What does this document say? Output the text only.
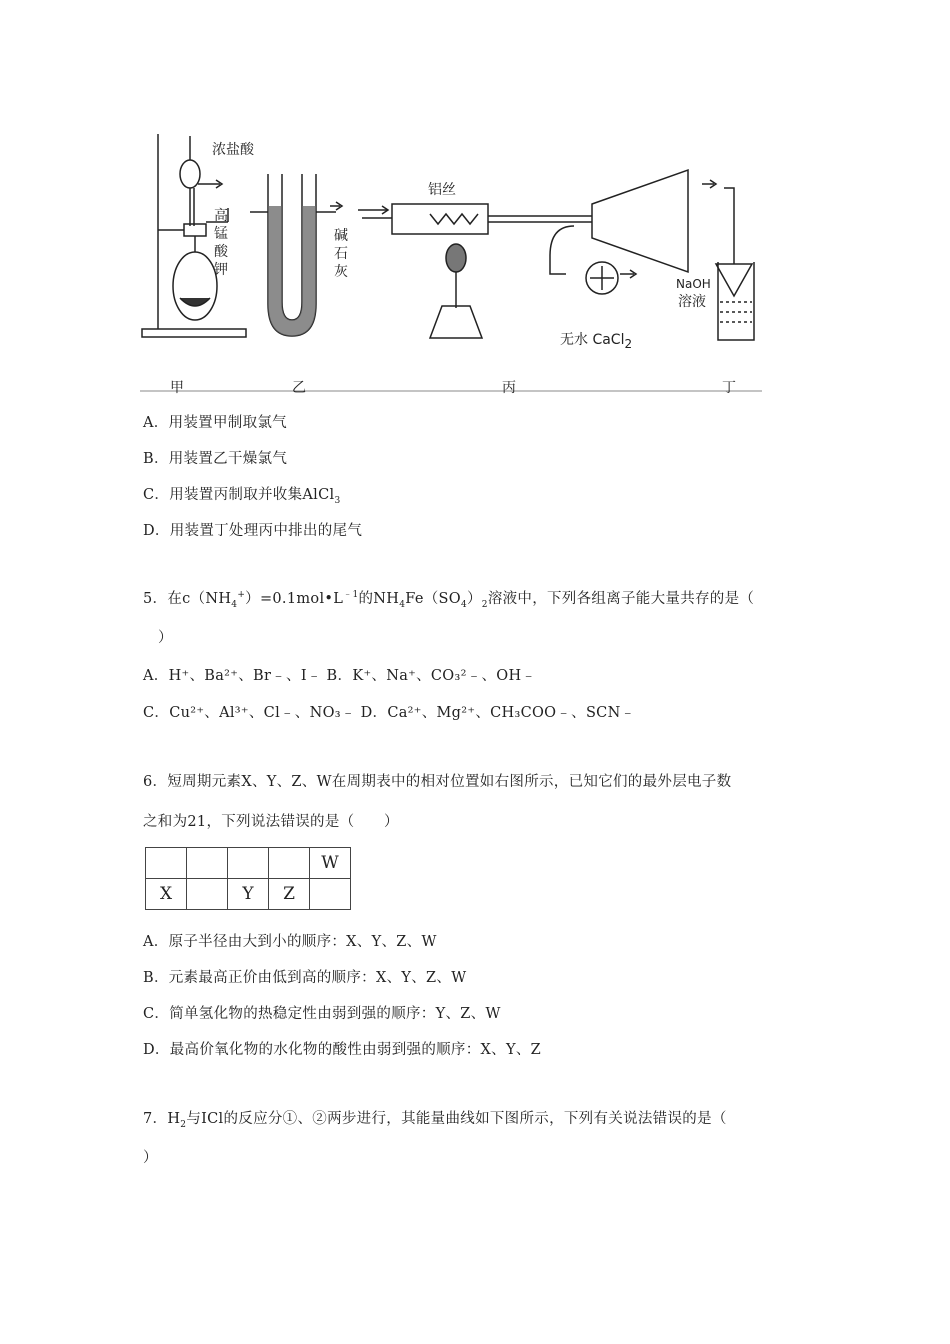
浓盐酸
高
锰
酸
钾
碱
石
灰
铝丝
无水 CaCl2
NaOH
溶液
甲	乙	丙	丁
A．用装置甲制取氯气
B．用装置乙干燥氯气
C．用装置丙制取并收集AlCl$_3$
D．用装置丁处理丙中排出的尾气
5．在$c(NH_4^+)=0.1mol•L^{﹣1}$的$NH_4Fe(SO_4)_2$溶液中，下列各组离子能大量共存的是（
）
A．H⁺、Ba²⁺、Br﹣、I﹣ B．K⁺、Na⁺、CO₃²﹣、OH﹣
C．Cu²⁺、Al³⁺、Cl﹣、NO₃﹣ D．Ca²⁺、Mg²⁺、CH₃COO﹣、SCN﹣
6．短周期元素X、Y、Z、W在周期表中的相对位置如右图所示，已知它们的最外层电子数
之和为21，下列说法错误的是（　　）
				W
X		Y	Z	
A．原子半径由大到小的顺序：X、Y、Z、W
B．元素最高正价由低到高的顺序：X、Y、Z、W
C．简单氢化物的热稳定性由弱到强的顺序：Y、Z、W
D．最高价氧化物的水化物的酸性由弱到强的顺序：X、Y、Z
7．$H_2$与ICl的反应分①、②两步进行，其能量曲线如下图所示，下列有关说法错误的是（
）
